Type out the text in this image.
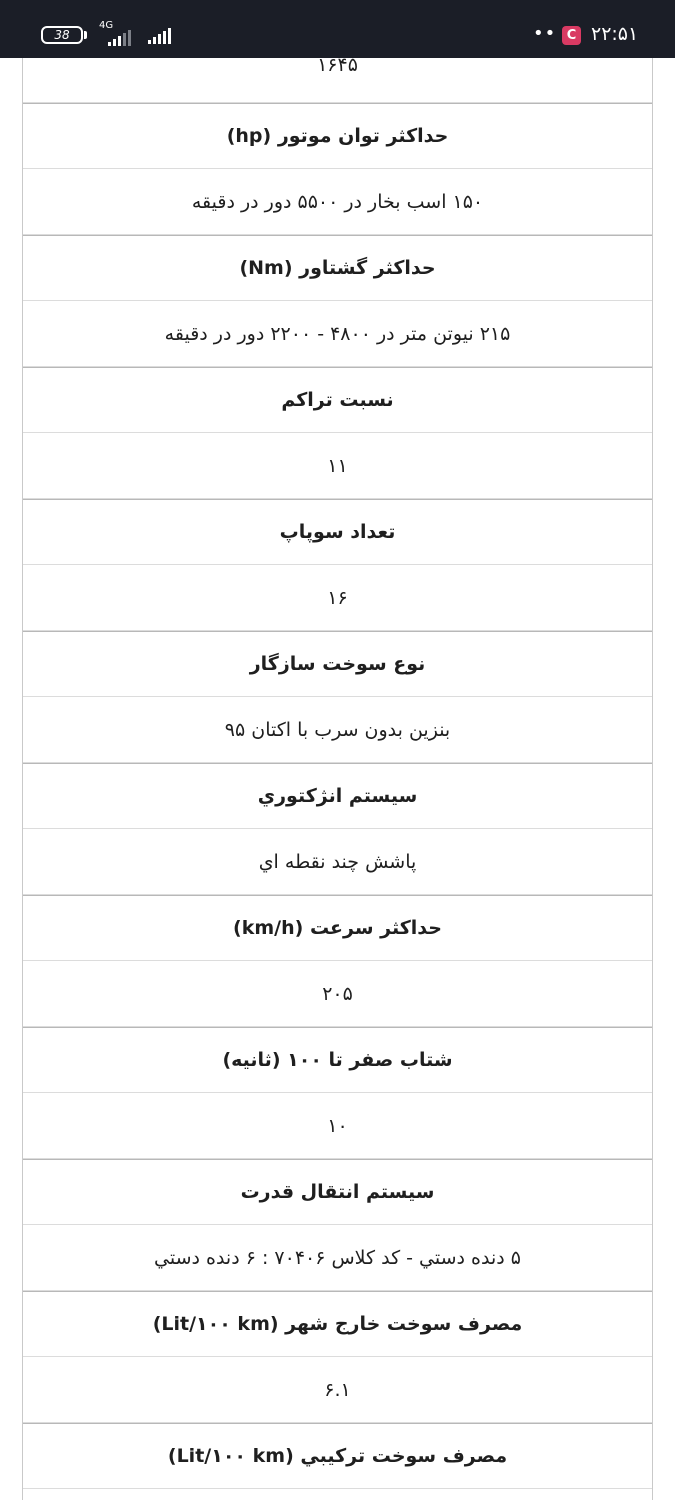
38
4G	•• C ۲۲:۵۱
۱۶۴۵
حداكثر توان موتور (hp)
۱۵۰ اسب بخار در ۵۵۰۰ دور در دقيقه
حداكثر گشتاور (Nm)
۲۱۵ نيوتن متر در ۴۸۰۰ - ۲۲۰۰ دور در دقيقه
نسبت تراكم
۱۱
تعداد سوپاپ
۱۶
نوع سوخت سازگار
بنزين بدون سرب با اكتان ۹۵
سيستم انژكتوري
پاشش چند نقطه اي
حداكثر سرعت (km/h)
۲۰۵
شتاب صفر تا ۱۰۰ (ثانيه)
۱۰
سيستم انتقال قدرت
۵ دنده دستي - كد كلاس ۷۰۴۰۶ : ۶ دنده دستي
مصرف سوخت خارج شهر (Lit/۱۰۰ km)
۶.۱
مصرف سوخت تركيبي (Lit/۱۰۰ km)
